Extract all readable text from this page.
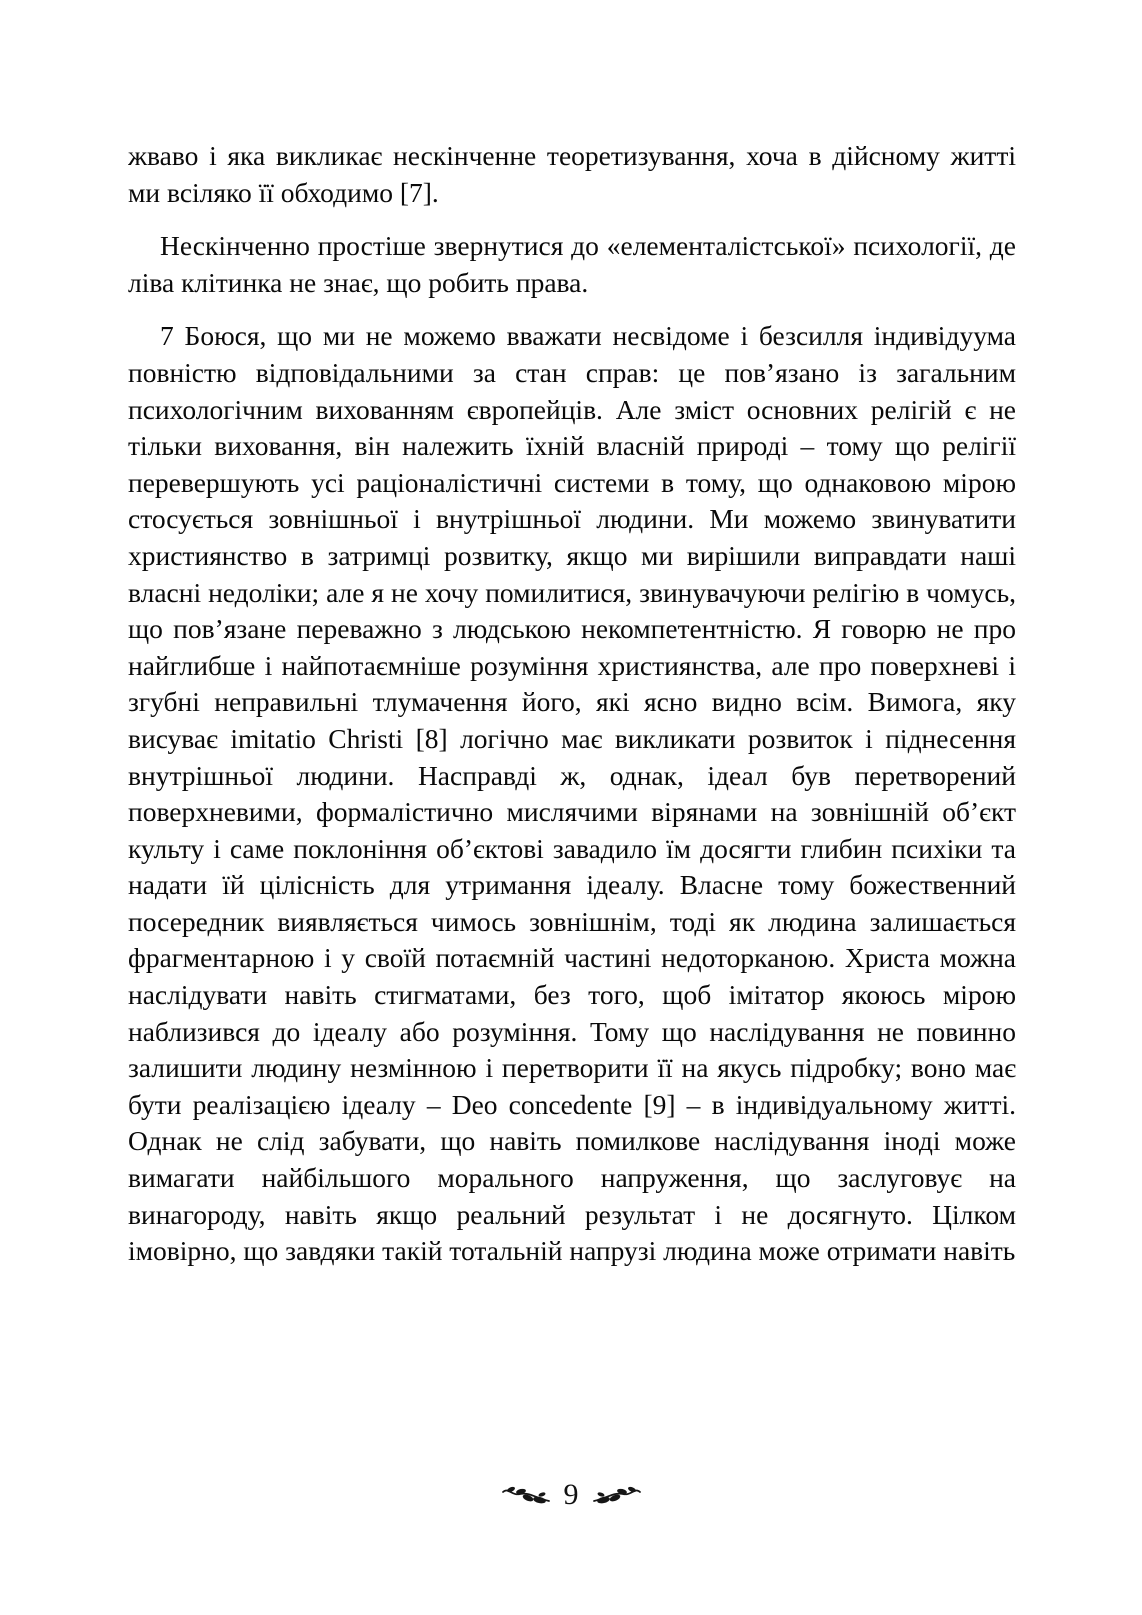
жваво і яка викликає нескінченне теоретизування, хоча в дійсному житті ми всіляко її обходимо [7].

Нескінченно простіше звернутися до «елементалістської» психології, де ліва клітинка не знає, що робить права.

7 Боюся, що ми не можемо вважати несвідоме і безсилля індивідуума повністю відповідальними за стан справ: це пов’язано із загальним психологічним вихованням європейців. Але зміст основних релігій є не тільки виховання, він належить їхній власній природі – тому що релігії перевершують усі раціоналістичні системи в тому, що однаковою мірою стосується зовнішньої і внутрішньої людини. Ми можемо звинуватити християнство в затримці розвитку, якщо ми вирішили виправдати наші власні недоліки; але я не хочу помилитися, звинувачуючи релігію в чомусь, що пов’язане переважно з людською некомпетентністю. Я говорю не про найглибше і найпотаємніше розуміння християнства, але про поверхневі і згубні неправильні тлумачення його, які ясно видно всім. Вимога, яку висуває imitatio Christi [8] логічно має викликати розвиток і піднесення внутрішньої людини. Насправді ж, однак, ідеал був перетворений поверхневими, формалістично мислячими вірянами на зовнішній об’єкт культу і саме поклоніння об’єктові завадило їм досягти глибин психіки та надати їй цілісність для утримання ідеалу. Власне тому божественний посередник виявляється чимось зовнішнім, тоді як людина залишається фрагментарною і у своїй потаємній частині недоторканою. Христа можна наслідувати навіть стигматами, без того, щоб імітатор якоюсь мірою наблизився до ідеалу або розуміння. Тому що наслідування не повинно залишити людину незмінною і перетворити її на якусь підробку; воно має бути реалізацією ідеалу – Deo concedente [9] – в індивідуальному житті. Однак не слід забувати, що навіть помилкове наслідування іноді може вимагати найбільшого морального напруження, що заслуговує на винагороду, навіть якщо реальний результат і не досягнуто. Цілком імовірно, що завдяки такій тотальній напрузі людина може отримати навіть

9
